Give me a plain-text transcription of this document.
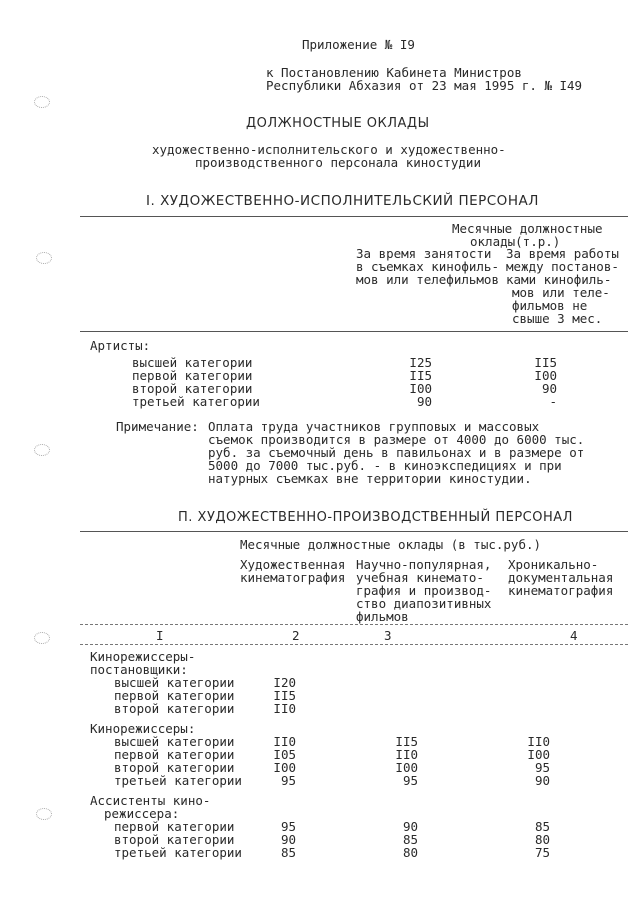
Приложение № I9
к Постановлению Кабинета Министров
Республики Абхазия от 23 мая 1995 г. № I49
ДОЛЖНОСТНЫЕ ОКЛАДЫ
художественно-исполнительского и художественно-
производственного персонала киностудии
I. ХУДОЖЕСТВЕННО-ИСПОЛНИТЕЛЬСКИЙ ПЕРСОНАЛ
Месячные должностные
оклады(т.р.)
За время занятости
в съемках кинофиль-
мов или телефильмов
За время работы
между постанов-
ками кинофиль-
мов или теле-
фильмов не
свыше 3 мес.
Артисты:
высшей категории	I25	II5
первой категории	II5	I00
второй категории	I00	90
третьей категории	90	-
Примечание: Оплата труда участников групповых и массовых
съемок производится в размере от 4000 до 6000 тыс.
руб. за съемочный день в павильонах и в размере от
5000 до 7000 тыс.руб. - в киноэкспедициях и при
натурных съемках вне территории киностудии.
П. ХУДОЖЕСТВЕННО-ПРОИЗВОДСТВЕННЫЙ ПЕРСОНАЛ
Месячные должностные оклады (в тыс.руб.)
Художественная
кинематография
Научно-популярная,
учебная кинемато-
графия и производ-
ство диапозитивных
фильмов
Хроникально-
документальная
кинематография
I	2	3	4
Кинорежиссеры-
постановщики:
высшей категории	I20
первой категории	II5
второй категории	II0
Кинорежиссеры:
высшей категории	II0	II5	II0
первой категории	I05	II0	I00
второй категории	I00	I00	95
третьей категории	95	95	90
Ассистенты кино-
режиссера:
первой категории	95	90	85
второй категории	90	85	80
третьей категории	85	80	75
